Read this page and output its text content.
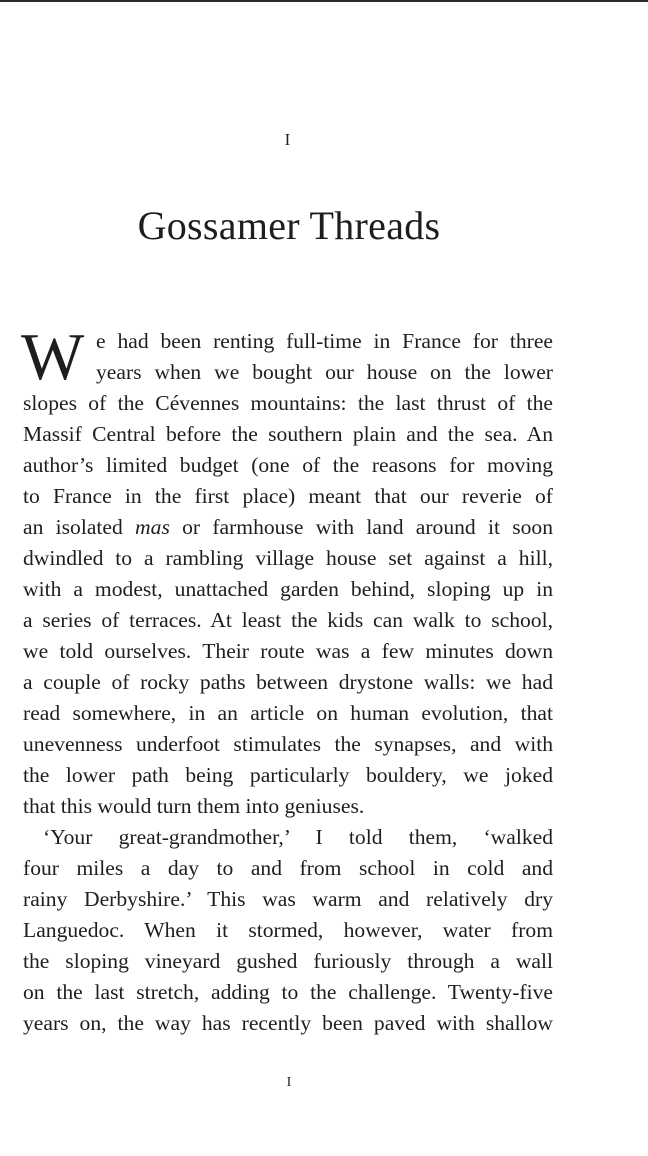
I
Gossamer Threads
W e had been renting full-time in France for three
years when we bought our house on the lower
slopes of the Cévennes mountains: the last thrust of the
Massif Central before the southern plain and the sea. An
author’s limited budget (one of the reasons for moving
to France in the first place) meant that our reverie of
an isolated mas or farmhouse with land around it soon
dwindled to a rambling village house set against a hill,
with a modest, unattached garden behind, sloping up in
a series of terraces. At least the kids can walk to school,
we told ourselves. Their route was a few minutes down
a couple of rocky paths between drystone walls: we had
read somewhere, in an article on human evolution, that
unevenness underfoot stimulates the synapses, and with
the lower path being particularly bouldery, we joked
that this would turn them into geniuses.
‘Your great-grandmother,’ I told them, ‘walked
four miles a day to and from school in cold and
rainy Derbyshire.’ This was warm and relatively dry
Languedoc. When it stormed, however, water from
the sloping vineyard gushed furiously through a wall
on the last stretch, adding to the challenge. Twenty-five
years on, the way has recently been paved with shallow
I
